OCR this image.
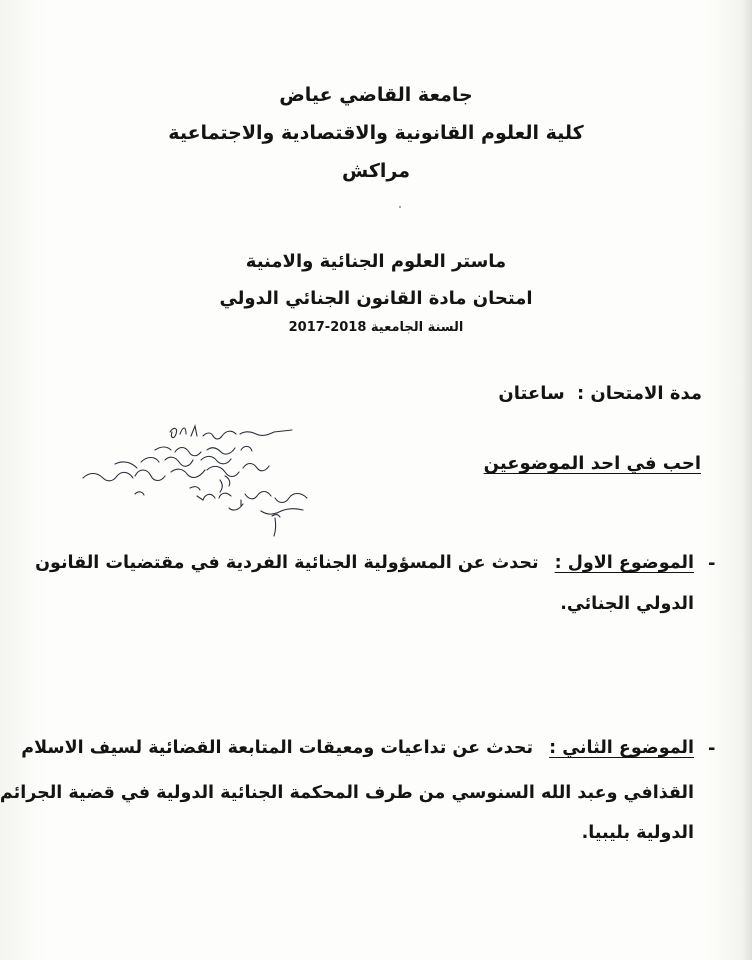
جامعة القاضي عياض
كلية العلوم القانونية والاقتصادية والاجتماعية
مراكش
ماستر العلوم الجنائية والامنية
امتحان مادة القانون الجنائي الدولي
السنة الجامعية 2017-2018
مدة الامتحان : ساعتان
احب في احد الموضوعين
-
الموضوع الاول : تحدث عن المسؤولية الجنائية الفردية في مقتضيات القانون
الدولي الجنائي.
-
الموضوع الثاني : تحدث عن تداعيات ومعيقات المتابعة القضائية لسيف الاسلام
القذافي وعبد الله السنوسي من طرف المحكمة الجنائية الدولية في قضية الجرائم
الدولية بليبيا.
